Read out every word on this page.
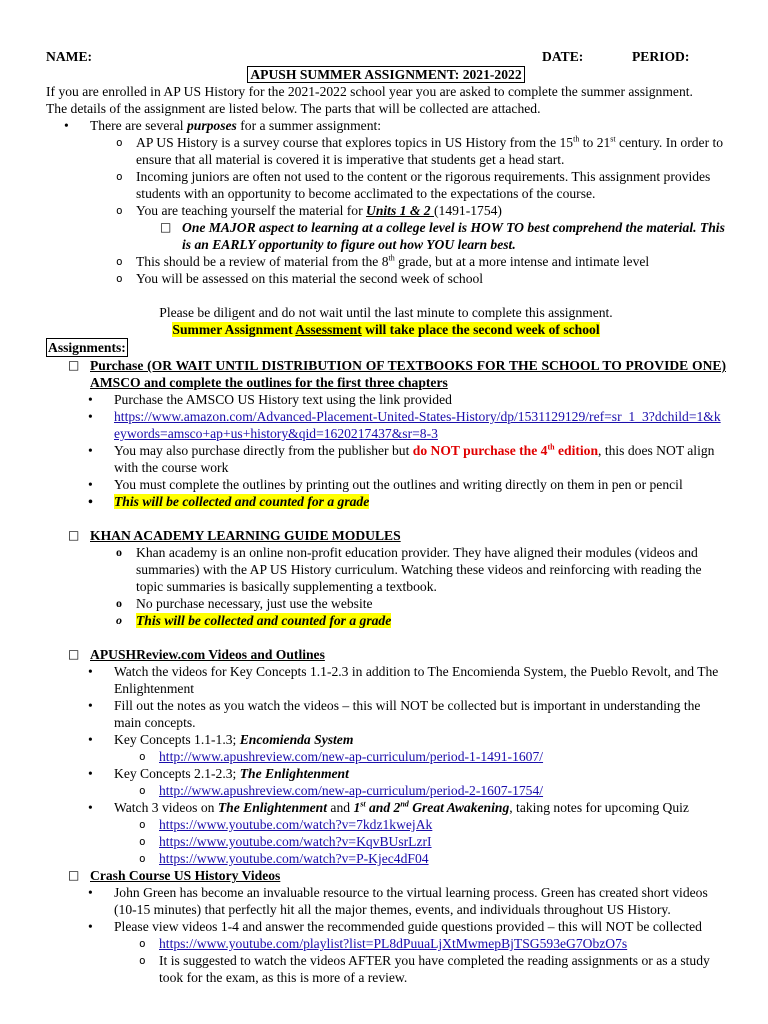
NAME:	DATE:	PERIOD:
APUSH SUMMER ASSIGNMENT: 2021-2022

If you are enrolled in AP US History for the 2021-2022 school year you are asked to complete the summer assignment.

The details of the assignment are listed below. The parts that will be collected are attached.

• There are several purposes for a summer assignment:
o AP US History is a survey course that explores topics in US History from the 15th to 21st century. In order to ensure that all material is covered it is imperative that students get a head start.
o Incoming juniors are often not used to the content or the rigorous requirements. This assignment provides students with an opportunity to become acclimated to the expectations of the course.
o You are teaching yourself the material for Units 1 & 2 (1491-1754)
□ One MAJOR aspect to learning at a college level is HOW TO best comprehend the material. This is an EARLY opportunity to figure out how YOU learn best.
o This should be a review of material from the 8th grade, but at a more intense and intimate level
o You will be assessed on this material the second week of school

Please be diligent and do not wait until the last minute to complete this assignment.

Summer Assignment Assessment will take place the second week of school

Assignments:
□ Purchase (OR WAIT UNTIL DISTRIBUTION OF TEXTBOOKS FOR THE SCHOOL TO PROVIDE ONE) AMSCO and complete the outlines for the first three chapters
• Purchase the AMSCO US History text using the link provided
• https://www.amazon.com/Advanced-Placement-United-States-History/dp/1531129129/ref=sr_1_3?dchild=1&keywords=amsco+ap+us+history&qid=1620217437&sr=8-3
• You may also purchase directly from the publisher but do NOT purchase the 4th edition, this does NOT align with the course work
• You must complete the outlines by printing out the outlines and writing directly on them in pen or pencil
• This will be collected and counted for a grade
□ KHAN ACADEMY LEARNING GUIDE MODULES
o Khan academy is an online non-profit education provider. They have aligned their modules (videos and summaries) with the AP US History curriculum. Watching these videos and reinforcing with reading the topic summaries is basically supplementing a textbook.
o No purchase necessary, just use the website
o This will be collected and counted for a grade
□ APUSHReview.com Videos and Outlines
• Watch the videos for Key Concepts 1.1-2.3 in addition to The Encomienda System, the Pueblo Revolt, and The Enlightenment
• Fill out the notes as you watch the videos – this will NOT be collected but is important in understanding the main concepts.
• Key Concepts 1.1-1.3; Encomienda System
o http://www.apushreview.com/new-ap-curriculum/period-1-1491-1607/
• Key Concepts 2.1-2.3; The Enlightenment
o http://www.apushreview.com/new-ap-curriculum/period-2-1607-1754/
• Watch 3 videos on The Enlightenment and 1st and 2nd Great Awakening, taking notes for upcoming Quiz
o https://www.youtube.com/watch?v=7kdz1kwejAk
o https://www.youtube.com/watch?v=KqvBUsrLzrI
o https://www.youtube.com/watch?v=P-Kjec4dF04
□ Crash Course US History Videos
• John Green has become an invaluable resource to the virtual learning process. Green has created short videos (10-15 minutes) that perfectly hit all the major themes, events, and individuals throughout US History.
• Please view videos 1-4 and answer the recommended guide questions provided – this will NOT be collected
o https://www.youtube.com/playlist?list=PL8dPuuaLjXtMwmepBjTSG593eG7ObzO7s
o It is suggested to watch the videos AFTER you have completed the reading assignments or as a study took for the exam, as this is more of a review.
